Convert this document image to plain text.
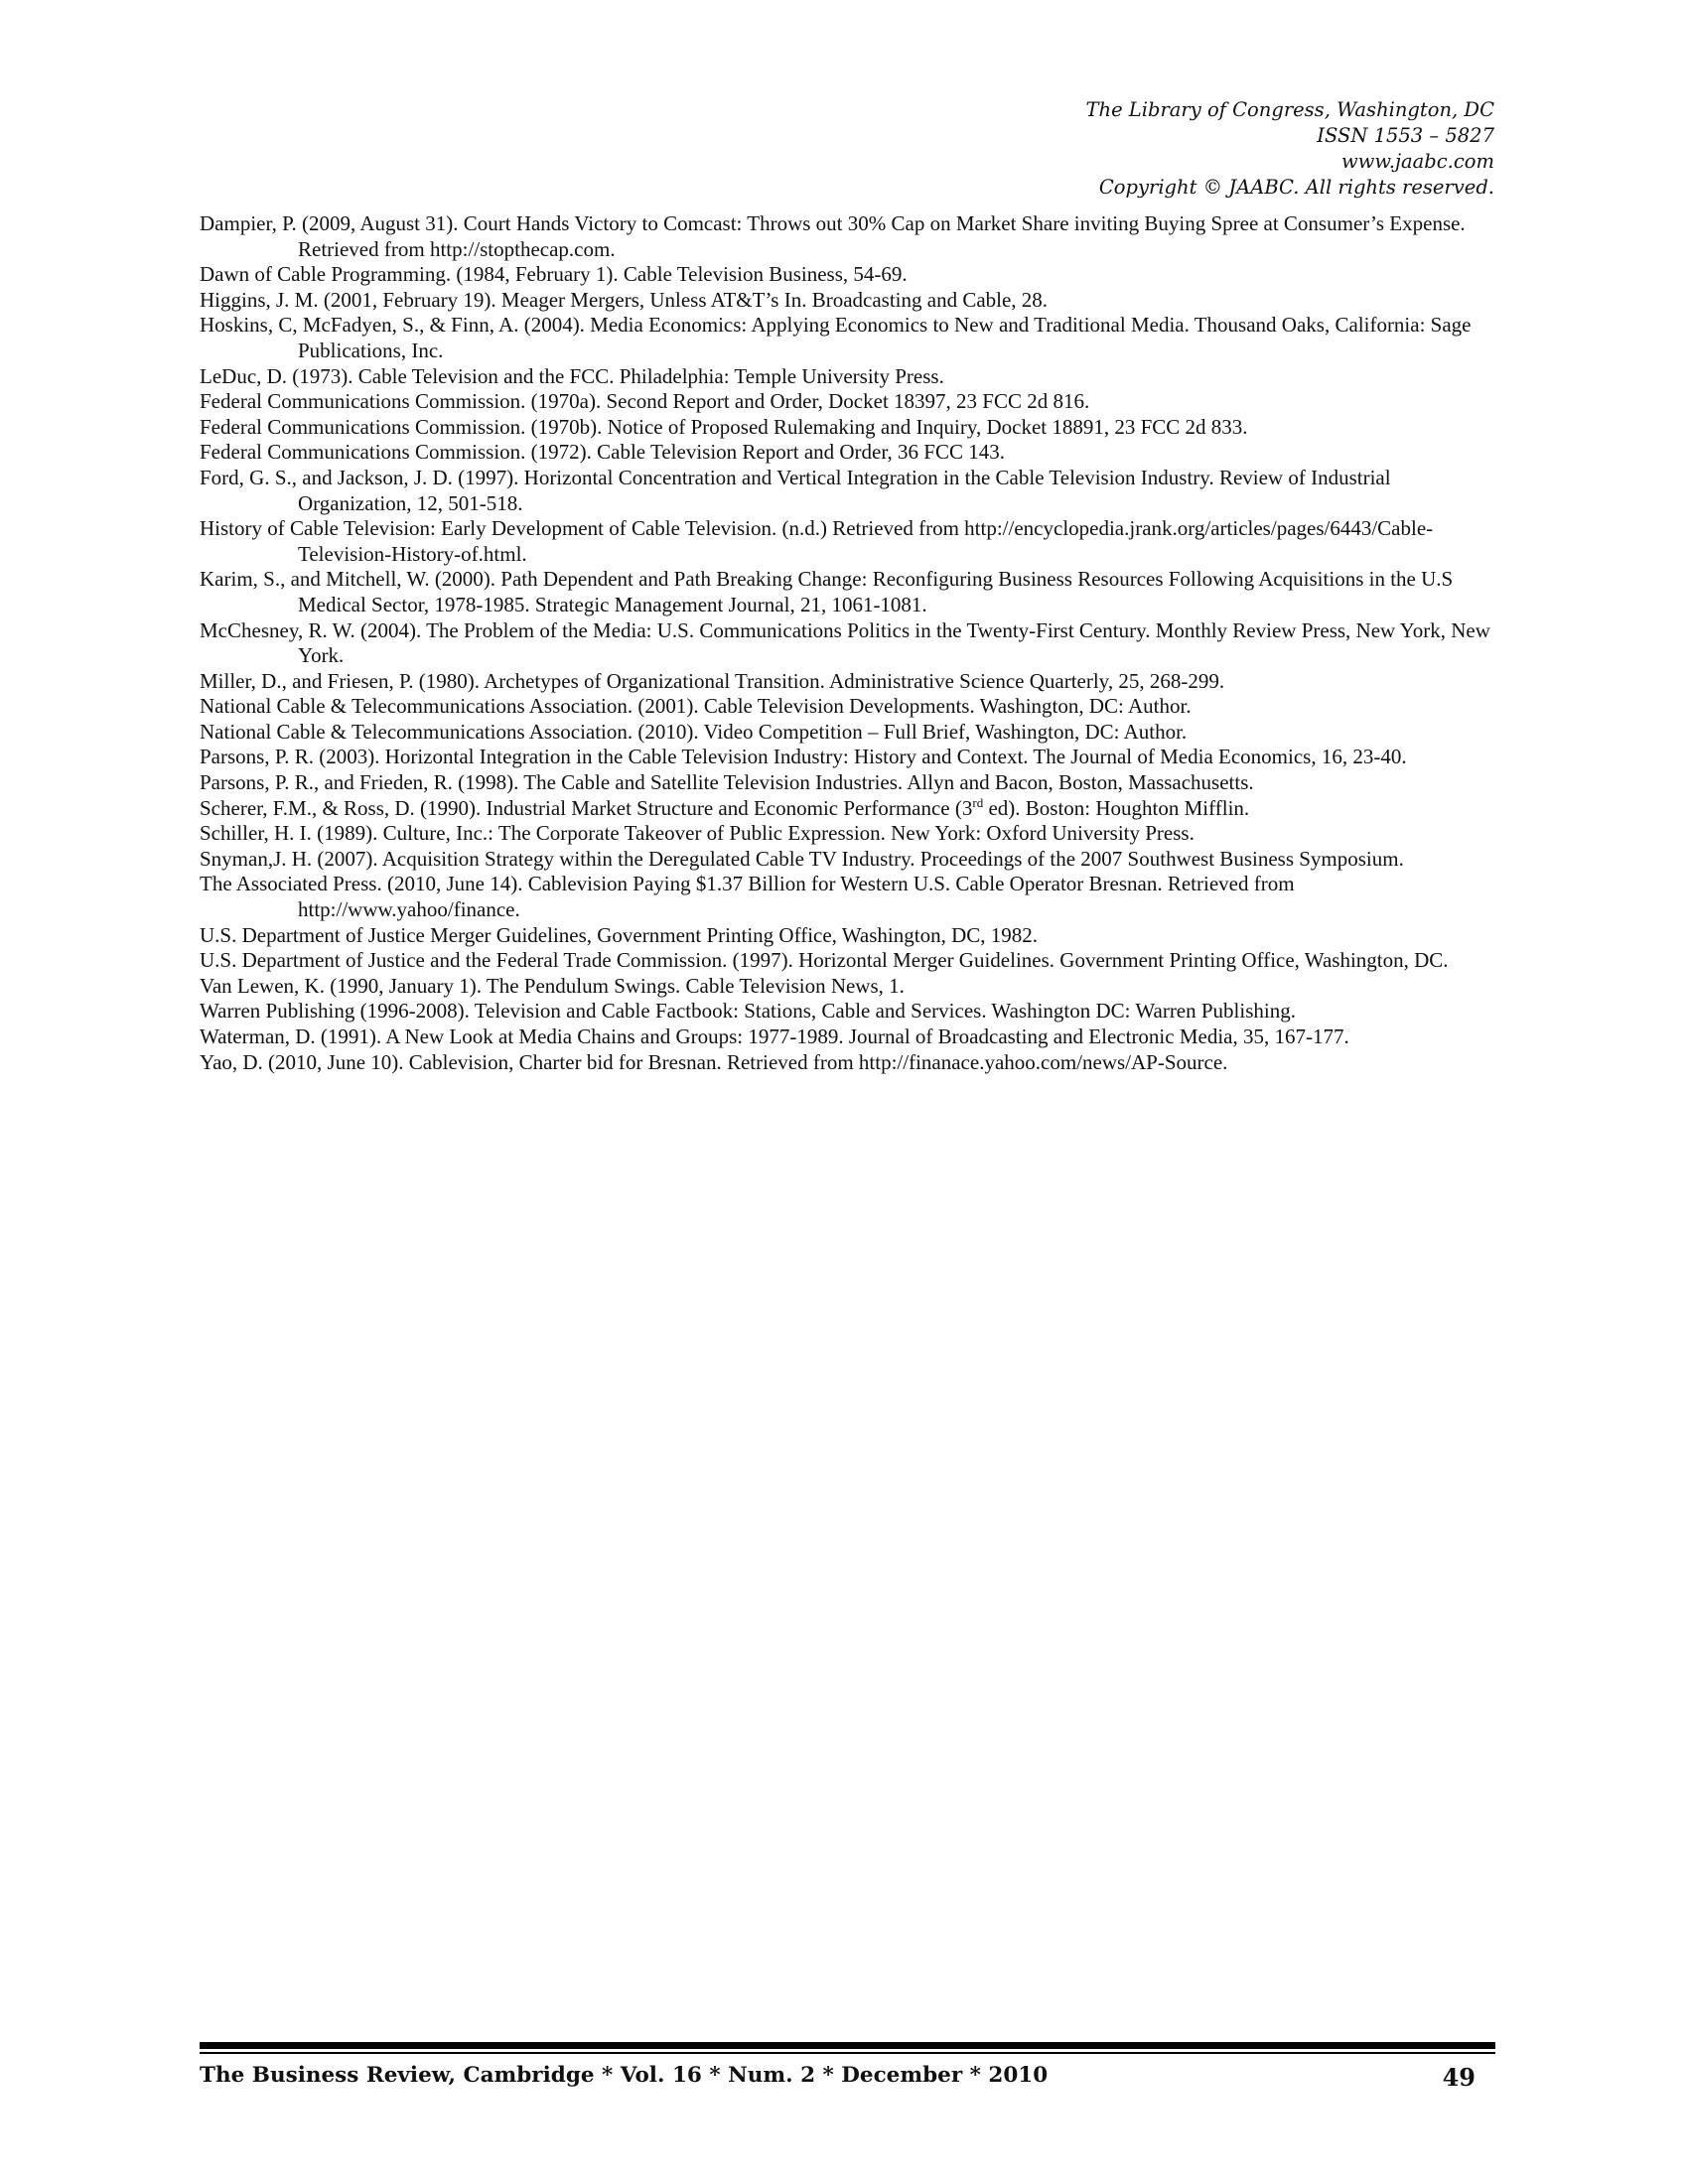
The Library of Congress, Washington, DC
ISSN 1553 – 5827
www.jaabc.com
Copyright © JAABC. All rights reserved.

Dampier, P. (2009, August 31). Court Hands Victory to Comcast: Throws out 30% Cap on Market Share inviting Buying Spree at Consumer’s Expense. Retrieved from http://stopthecap.com.

Dawn of Cable Programming. (1984, February 1). Cable Television Business, 54-69.

Higgins, J. M. (2001, February 19). Meager Mergers, Unless AT&T’s In. Broadcasting and Cable, 28.

Hoskins, C, McFadyen, S., & Finn, A. (2004). Media Economics: Applying Economics to New and Traditional Media. Thousand Oaks, California: Sage Publications, Inc.

LeDuc, D. (1973). Cable Television and the FCC. Philadelphia: Temple University Press.

Federal Communications Commission. (1970a). Second Report and Order, Docket 18397, 23 FCC 2d 816.

Federal Communications Commission. (1970b). Notice of Proposed Rulemaking and Inquiry, Docket 18891, 23 FCC 2d 833.

Federal Communications Commission. (1972). Cable Television Report and Order, 36 FCC 143.

Ford, G. S., and Jackson, J. D. (1997). Horizontal Concentration and Vertical Integration in the Cable Television Industry. Review of Industrial Organization, 12, 501-518.

History of Cable Television: Early Development of Cable Television. (n.d.) Retrieved from http://encyclopedia.jrank.org/articles/pages/6443/Cable-Television-History-of.html.

Karim, S., and Mitchell, W. (2000). Path Dependent and Path Breaking Change: Reconfiguring Business Resources Following Acquisitions in the U.S Medical Sector, 1978-1985. Strategic Management Journal, 21, 1061-1081.

McChesney, R. W. (2004). The Problem of the Media: U.S. Communications Politics in the Twenty-First Century. Monthly Review Press, New York, New York.

Miller, D., and Friesen, P. (1980). Archetypes of Organizational Transition. Administrative Science Quarterly, 25, 268-299.

National Cable & Telecommunications Association. (2001). Cable Television Developments. Washington, DC: Author.

National Cable & Telecommunications Association. (2010). Video Competition – Full Brief, Washington, DC: Author.

Parsons, P. R. (2003). Horizontal Integration in the Cable Television Industry: History and Context. The Journal of Media Economics, 16, 23-40.

Parsons, P. R., and Frieden, R. (1998). The Cable and Satellite Television Industries. Allyn and Bacon, Boston, Massachusetts.

Scherer, F.M., & Ross, D. (1990). Industrial Market Structure and Economic Performance (3rd ed). Boston: Houghton Mifflin.

Schiller, H. I. (1989). Culture, Inc.: The Corporate Takeover of Public Expression. New York: Oxford University Press.

Snyman,J. H. (2007). Acquisition Strategy within the Deregulated Cable TV Industry. Proceedings of the 2007 Southwest Business Symposium.

The Associated Press. (2010, June 14). Cablevision Paying $1.37 Billion for Western U.S. Cable Operator Bresnan. Retrieved from http://www.yahoo/finance.

U.S. Department of Justice Merger Guidelines, Government Printing Office, Washington, DC, 1982.

U.S. Department of Justice and the Federal Trade Commission. (1997). Horizontal Merger Guidelines. Government Printing Office, Washington, DC.

Van Lewen, K. (1990, January 1). The Pendulum Swings. Cable Television News, 1.

Warren Publishing (1996-2008). Television and Cable Factbook: Stations, Cable and Services. Washington DC: Warren Publishing.

Waterman, D. (1991). A New Look at Media Chains and Groups: 1977-1989. Journal of Broadcasting and Electronic Media, 35, 167-177.

Yao, D. (2010, June 10). Cablevision, Charter bid for Bresnan. Retrieved from http://finanace.yahoo.com/news/AP-Source.

The Business Review, Cambridge * Vol. 16 * Num. 2 * December * 2010	49
